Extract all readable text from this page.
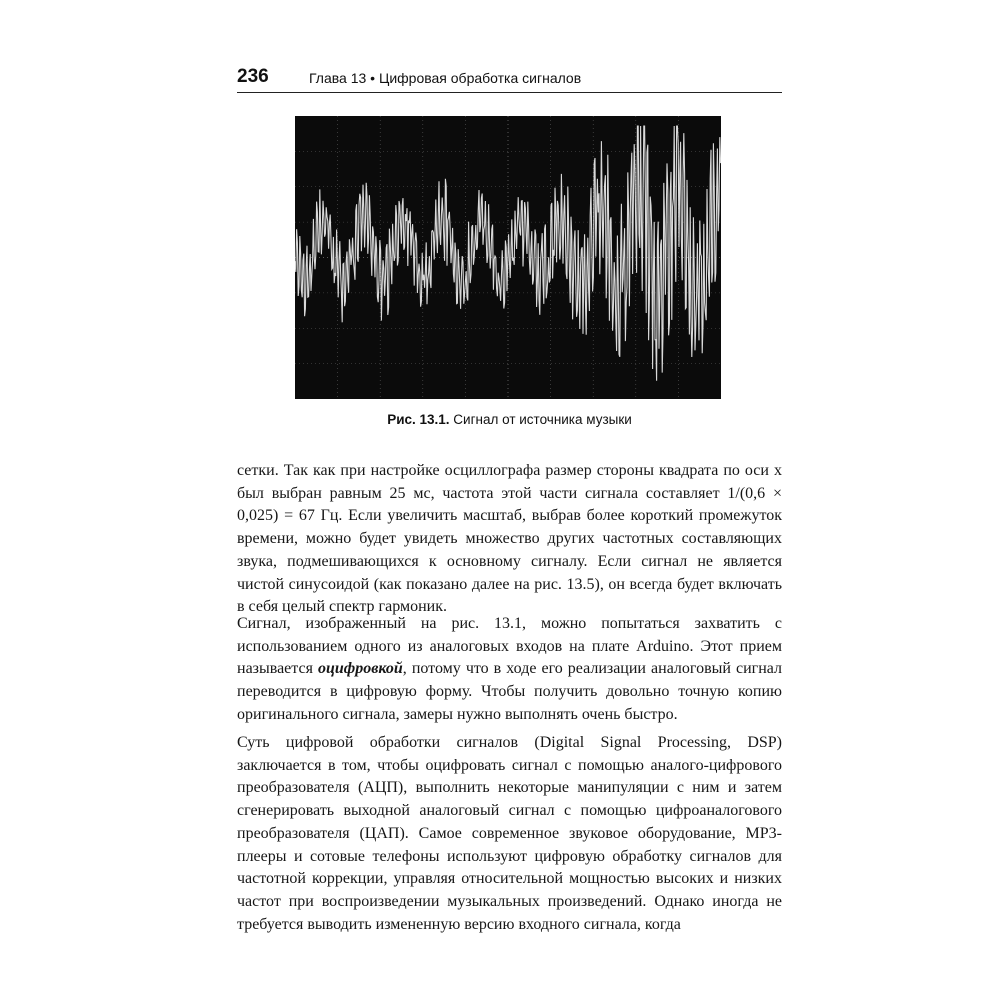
236	Глава 13 • Цифровая обработка сигналов
Рис. 13.1. Сигнал от источника музыки

сетки. Так как при настройке осциллографа размер стороны квадрата по оси x был выбран равным 25 мс, частота этой части сигнала составляет 1/(0,6 × 0,025) = 67 Гц. Если увеличить масштаб, выбрав более короткий промежуток времени, можно будет увидеть множество других частотных составляющих звука, подмешивающихся к основному сигналу. Если сигнал не является чистой синусоидой (как показано далее на рис. 13.5), он всегда будет включать в себя целый спектр гармоник.

Сигнал, изображенный на рис. 13.1, можно попытаться захватить с использованием одного из аналоговых входов на плате Arduino. Этот прием называется оцифровкой, потому что в ходе его реализации аналоговый сигнал переводится в цифровую форму. Чтобы получить довольно точную копию оригинального сигнала, замеры нужно выполнять очень быстро.

Суть цифровой обработки сигналов (Digital Signal Processing, DSP) заключается в том, чтобы оцифровать сигнал с помощью аналого-цифрового преобразователя (АЦП), выполнить некоторые манипуляции с ним и затем сгенерировать выходной аналоговый сигнал с помощью цифроаналогового преобразователя (ЦАП). Самое современное звуковое оборудование, MP3-плееры и сотовые телефоны используют цифровую обработку сигналов для частотной коррекции, управляя относительной мощностью высоких и низких частот при воспроизведении музыкальных произведений. Однако иногда не требуется выводить измененную версию входного сигнала, когда
